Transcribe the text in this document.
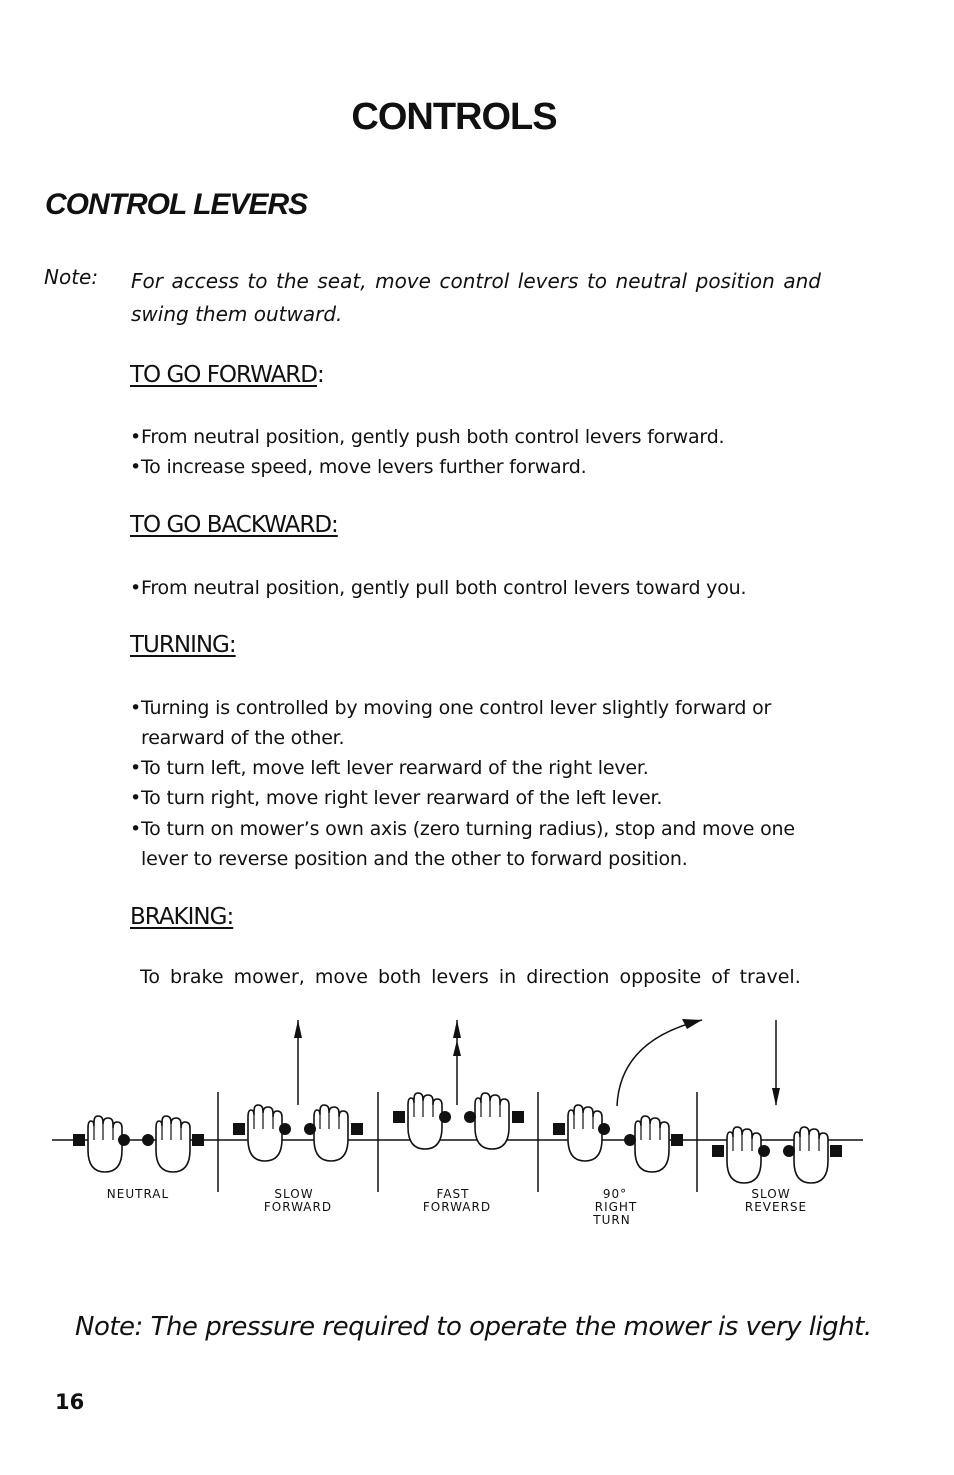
CONTROLS
CONTROL LEVERS
Note: For access to the seat, move control levers to neutral position and swing them outward.
TO GO FORWARD:
•From neutral position, gently push both control levers forward.
•To increase speed, move levers further forward.
TO GO BACKWARD:
•From neutral position, gently pull both control levers toward you.
TURNING:
•Turning is controlled by moving one control lever slightly forward or
rearward of the other.
•To turn left, move left lever rearward of the right lever.
•To turn right, move right lever rearward of the left lever.
•To turn on mower’s own axis (zero turning radius), stop and move one
lever to reverse position and the other to forward position.
BRAKING:
To brake mower, move both levers in direction opposite of travel.
NEUTRAL	SLOW
FORWARD
FAST
FORWARD
90°
RIGHT
TURN
SLOW
REVERSE
Note: The pressure required to operate the mower is very light.
16
